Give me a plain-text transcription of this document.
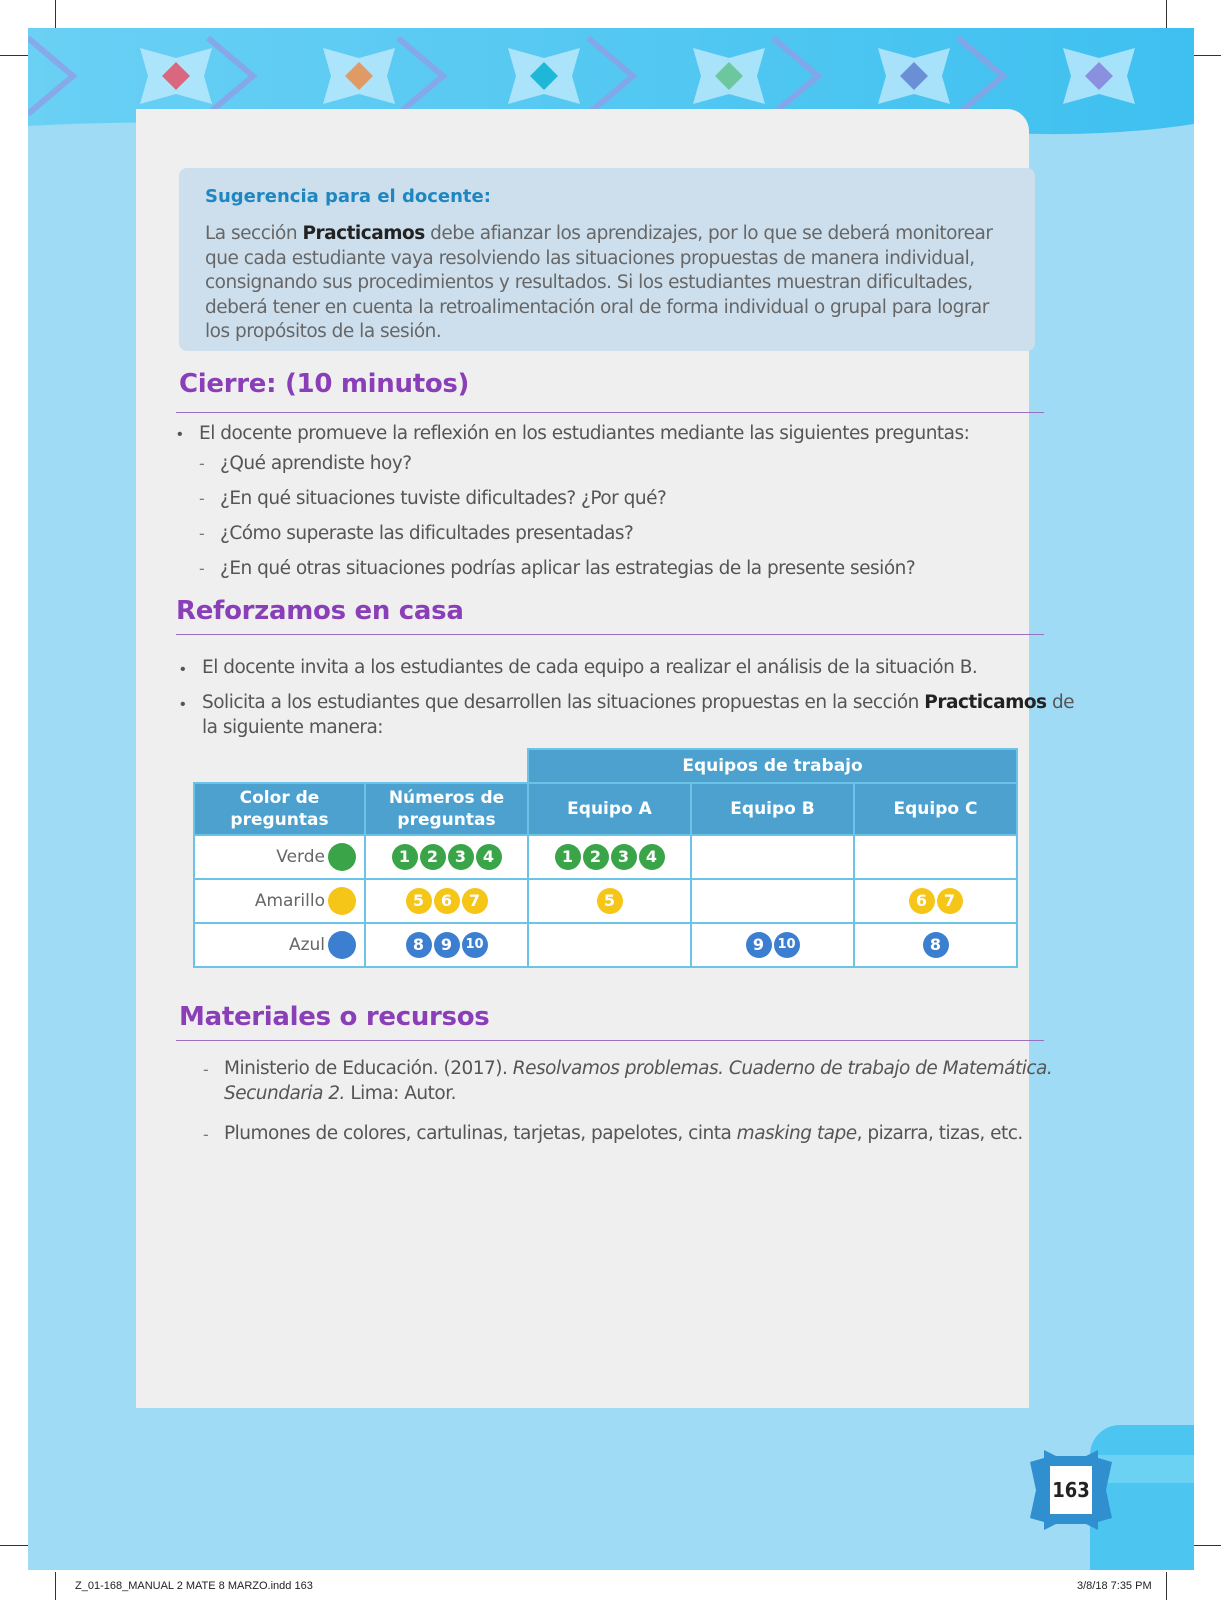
Sugerencia para el docente:
La sección Practicamos debe afianzar los aprendizajes, por lo que se deberá monitorear que cada estudiante vaya resolviendo las situaciones propuestas de manera individual, consignando sus procedimientos y resultados. Si los estudiantes muestran dificultades, deberá tener en cuenta la retroalimentación oral de forma individual o grupal para lograr los propósitos de la sesión.
Cierre: (10 minutos)
• El docente promueve la reflexión en los estudiantes mediante las siguientes preguntas:
- ¿Qué aprendiste hoy?
- ¿En qué situaciones tuviste dificultades? ¿Por qué?
- ¿Cómo superaste las dificultades presentadas?
- ¿En qué otras situaciones podrías aplicar las estrategias de la presente sesión?
Reforzamos en casa
• El docente invita a los estudiantes de cada equipo a realizar el análisis de la situación B.
• Solicita a los estudiantes que desarrollen las situaciones propuestas en la sección Practicamos de
la siguiente manera:
		Equipos de trabajo		
Color de preguntas	Números de preguntas	Equipo A	Equipo B	Equipo C
Verde	1 2 3 4	1 2 3 4		
Amarillo	5 6 7	5		6 7
Azul	8 9 10		9 10	8
Materiales o recursos
- Ministerio de Educación. (2017). Resolvamos problemas. Cuaderno de trabajo de Matemática.
Secundaria 2. Lima: Autor.
- Plumones de colores, cartulinas, tarjetas, papelotes, cinta masking tape, pizarra, tizas, etc.
163
Z_01-168_MANUAL 2 MATE 8 MARZO.indd 163	3/8/18 7:35 PM
